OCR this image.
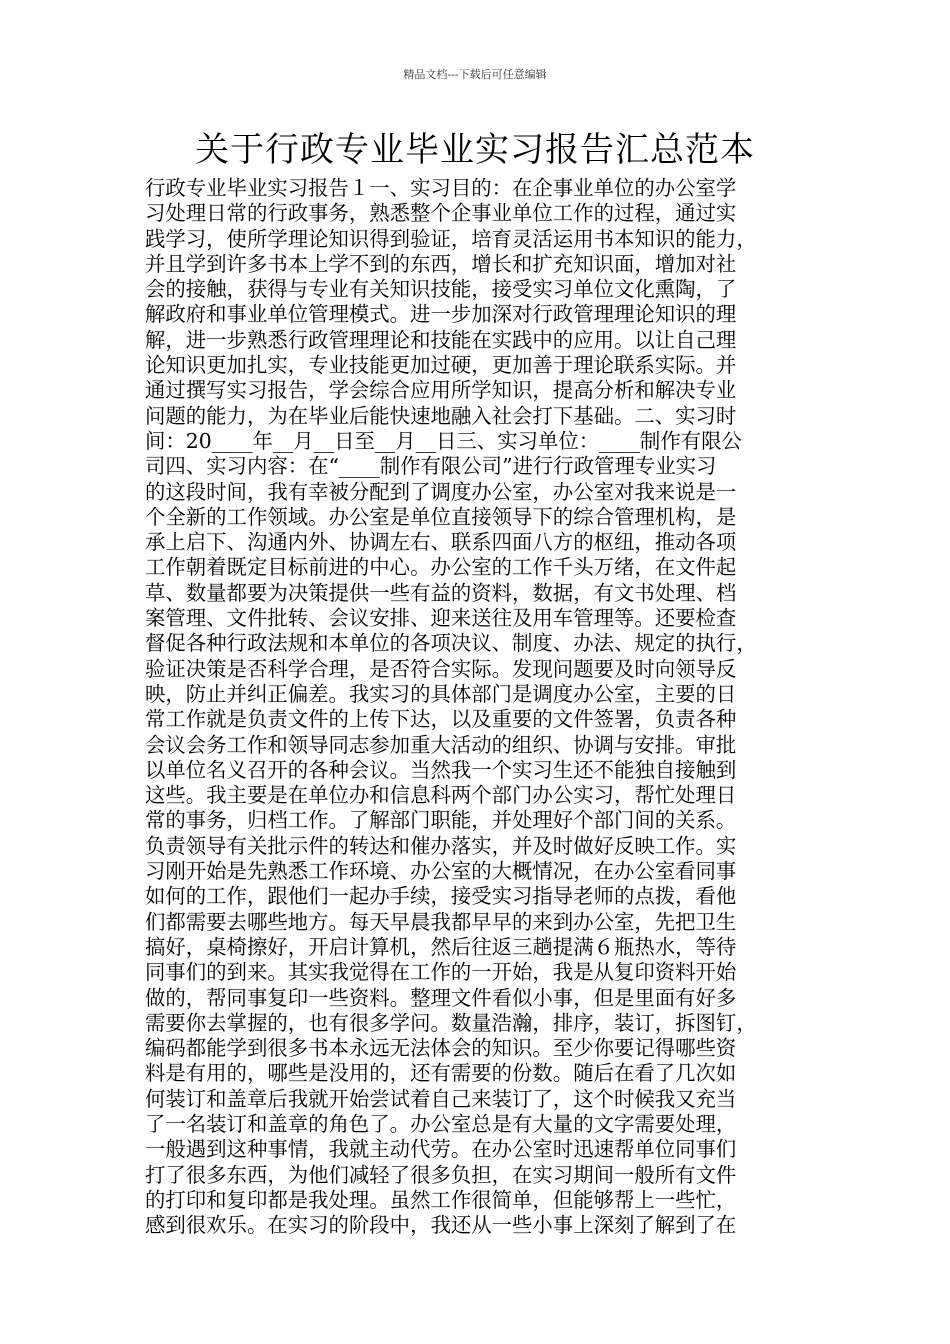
精品文档---下载后可任意编辑
关于行政专业毕业实习报告汇总范本
行政专业毕业实习报告１一、实习目的：在企事业单位的办公室学
习处理日常的行政事务，熟悉整个企事业单位工作的过程，通过实
践学习，使所学理论知识得到验证，培育灵活运用书本知识的能力，
并且学到许多书本上学不到的东西，增长和扩充知识面，增加对社
会的接触，获得与专业有关知识技能，接受实习单位文化熏陶，了
解政府和事业单位管理模式。进一步加深对行政管理理论知识的理
解，进一步熟悉行政管理理论和技能在实践中的应用。以让自己理
论知识更加扎实，专业技能更加过硬，更加善于理论联系实际。并
通过撰写实习报告，学会综合应用所学知识，提高分析和解决专业
问题的能力，为在毕业后能快速地融入社会打下基础。二、实习时
间：20____年__月__日至__月__日三、实习单位：____制作有限公
司四、实习内容：在“____制作有限公司”进行行政管理专业实习
的这段时间，我有幸被分配到了调度办公室，办公室对我来说是一
个全新的工作领域。办公室是单位直接领导下的综合管理机构，是
承上启下、沟通内外、协调左右、联系四面八方的枢纽，推动各项
工作朝着既定目标前进的中心。办公室的工作千头万绪，在文件起
草、数量都要为决策提供一些有益的资料，数据，有文书处理、档
案管理、文件批转、会议安排、迎来送往及用车管理等。还要检查
督促各种行政法规和本单位的各项决议、制度、办法、规定的执行，
验证决策是否科学合理，是否符合实际。发现问题要及时向领导反
映，防止并纠正偏差。我实习的具体部门是调度办公室，主要的日
常工作就是负责文件的上传下达，以及重要的文件签署，负责各种
会议会务工作和领导同志参加重大活动的组织、协调与安排。审批
以单位名义召开的各种会议。当然我一个实习生还不能独自接触到
这些。我主要是在单位办和信息科两个部门办公实习，帮忙处理日
常的事务，归档工作。了解部门职能，并处理好个部门间的关系。
负责领导有关批示件的转达和催办落实，并及时做好反映工作。实
习刚开始是先熟悉工作环境、办公室的大概情况，在办公室看同事
如何的工作，跟他们一起办手续，接受实习指导老师的点拨，看他
们都需要去哪些地方。每天早晨我都早早的来到办公室，先把卫生
搞好，桌椅擦好，开启计算机，然后往返三趟提满６瓶热水，等待
同事们的到来。其实我觉得在工作的一开始，我是从复印资料开始
做的，帮同事复印一些资料。整理文件看似小事，但是里面有好多
需要你去掌握的，也有很多学问。数量浩瀚，排序，装订，拆图钉，
编码都能学到很多书本永远无法体会的知识。至少你要记得哪些资
料是有用的，哪些是没用的，还有需要的份数。随后在看了几次如
何装订和盖章后我就开始尝试着自己来装订了，这个时候我又充当
了一名装订和盖章的角色了。办公室总是有大量的文字需要处理，
一般遇到这种事情，我就主动代劳。在办公室时迅速帮单位同事们
打了很多东西，为他们减轻了很多负担，在实习期间一般所有文件
的打印和复印都是我处理。虽然工作很简单，但能够帮上一些忙，
感到很欢乐。在实习的阶段中，我还从一些小事上深刻了解到了在
